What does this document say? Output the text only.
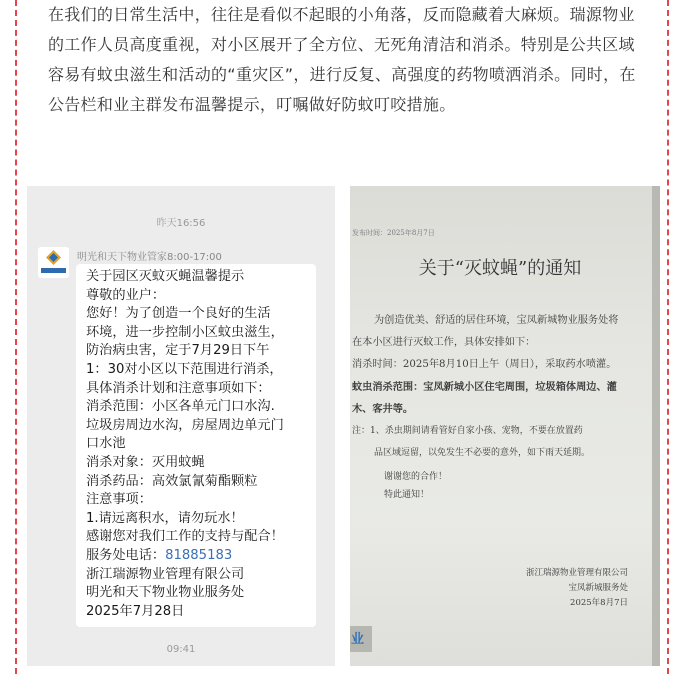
在我们的日常生活中，往往是看似不起眼的小角落，反而隐藏着大麻烦。瑞源物业

的工作人员高度重视，对小区展开了全方位、无死角清洁和消杀。特别是公共区域

容易有蚊虫滋生和活动的“重灾区”，进行反复、高强度的药物喷洒消杀。同时，在

公告栏和业主群发布温馨提示，叮嘱做好防蚊叮咬措施。

昨天16:56
明光和天下物业管家8:00-17:00
关于园区灭蚊灭蝇温馨提示
尊敬的业户：
您好！为了创造一个良好的生活
环境，进一步控制小区蚊虫滋生，
防治病虫害，定于7月29日下午
1：30对小区以下范围进行消杀，
具体消杀计划和注意事项如下：
消杀范围：小区各单元门口水沟.
垃圾房周边水沟，房屋周边单元门
口水池
消杀对象：灭用蚊蝇
消杀药品：高效氯氰菊酯颗粒
注意事项：
1.请远离积水，请勿玩水！
感谢您对我们工作的支持与配合！
服务处电话：81885183
浙江瑞源物业管理有限公司
明光和天下物业物业服务处
2025年7月28日
09:41
发布时间：2025年8月7日
关于“灭蚊蝇”的通知
为创造优美、舒适的居住环境，宝凤新城物业服务处将
在本小区进行灭蚊工作，具体安排如下：
消杀时间：2025年8月10日上午（周日），采取药水喷灌。
蚊虫消杀范围：宝凤新城小区住宅周围，垃圾箱体周边、灌
木、客井等。
注：1、杀虫期间请看管好自家小孩、宠物，不要在放置药
品区域逗留，以免发生不必要的意外，如下雨天延期。
谢谢您的合作！
特此通知！
浙江瑞源物业管理有限公司
宝凤新城服务处
2025年8月7日
业
